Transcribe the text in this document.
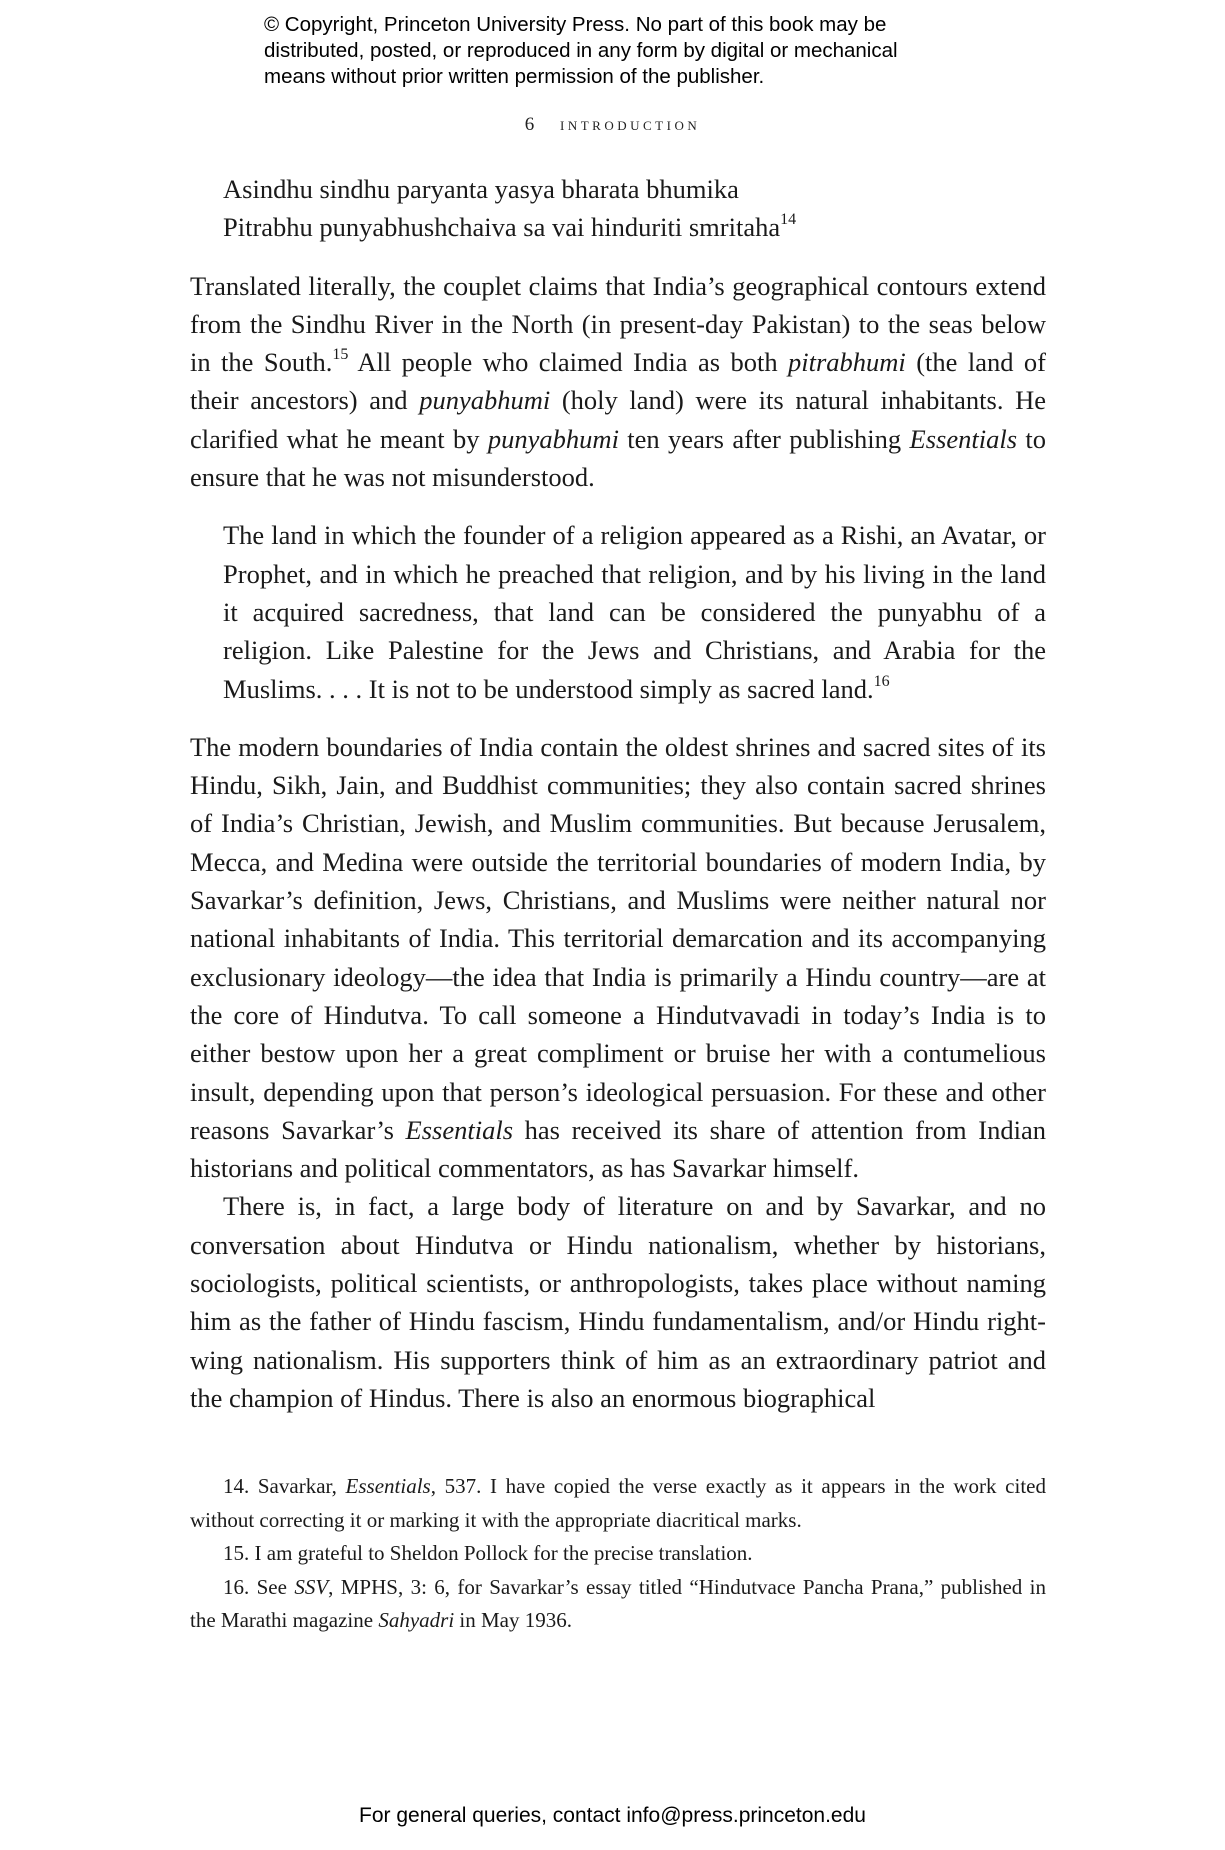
© Copyright, Princeton University Press. No part of this book may be
distributed, posted, or reproduced in any form by digital or mechanical
means without prior written permission of the publisher.
6 introduction
Asindhu sindhu paryanta yasya bharata bhumika
Pitrabhu punyabhushchaiva sa vai hinduriti smritaha$^{14}$

Translated literally, the couplet claims that India’s geographical contours extend from the Sindhu River in the North (in present-day Pakistan) to the seas below in the South.$^{15}$ All people who claimed India as both pitrabhumi (the land of their ancestors) and punyabhumi (holy land) were its natural inhabitants. He clarified what he meant by punyabhumi ten years after publishing Essentials to ensure that he was not misunderstood.

The land in which the founder of a religion appeared as a Rishi, an Avatar, or Prophet, and in which he preached that religion, and by his living in the land it acquired sacredness, that land can be considered the punyabhu of a religion. Like Palestine for the Jews and Christians, and Arabia for the Muslims. . . . It is not to be understood simply as sacred land.$^{16}$

The modern boundaries of India contain the oldest shrines and sacred sites of its Hindu, Sikh, Jain, and Buddhist communities; they also contain sacred shrines of India’s Christian, Jewish, and Muslim communities. But because Jerusalem, Mecca, and Medina were outside the territorial boundaries of modern India, by Savarkar’s definition, Jews, Christians, and Muslims were neither natural nor national inhabitants of India. This territorial demarcation and its accompanying exclusionary ideology—the idea that India is primarily a Hindu country—are at the core of Hindutva. To call someone a Hindutvavadi in today’s India is to either bestow upon her a great compliment or bruise her with a contumelious insult, depending upon that person’s ideological persuasion. For these and other reasons Savarkar’s Essentials has received its share of attention from Indian historians and political commentators, as has Savarkar himself.

There is, in fact, a large body of literature on and by Savarkar, and no conversation about Hindutva or Hindu nationalism, whether by historians, sociologists, political scientists, or anthropologists, takes place without naming him as the father of Hindu fascism, Hindu fundamentalism, and/or Hindu right-wing nationalism. His supporters think of him as an extraordinary patriot and the champion of Hindus. There is also an enormous biographical

14. Savarkar, Essentials, 537. I have copied the verse exactly as it appears in the work cited without correcting it or marking it with the appropriate diacritical marks.

15. I am grateful to Sheldon Pollock for the precise translation.

16. See SSV, MPHS, 3: 6, for Savarkar’s essay titled “Hindutvace Pancha Prana,” published in the Marathi magazine Sahyadri in May 1936.

For general queries, contact info@press.princeton.edu
